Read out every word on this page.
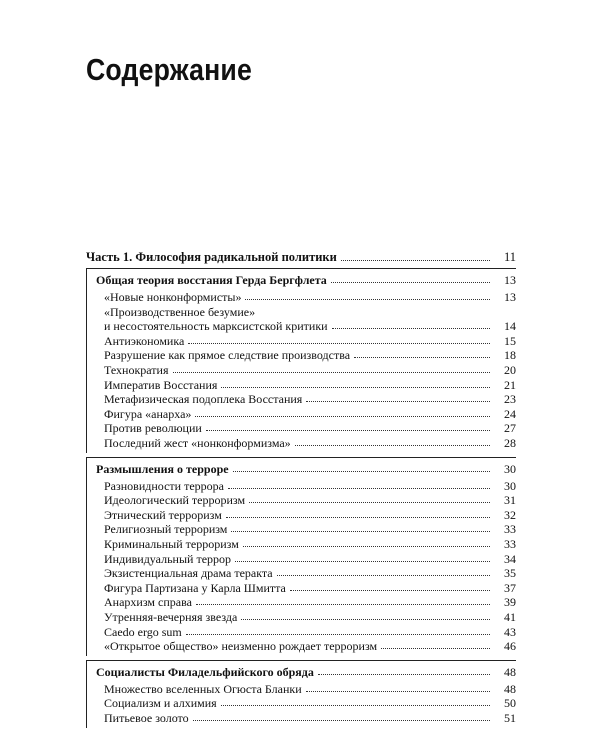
Содержание
Часть 1. Философия радикальной политики	11
Общая теория восстания Герда Бергфлета	13
«Новые нонконформисты»	13
«Производственное безумие»
и несостоятельность марксистской критики	14
Антиэкономика	15
Разрушение как прямое следствие производства	18
Технократия	20
Императив Восстания	21
Метафизическая подоплека Восстания	23
Фигура «анарха»	24
Против революции	27
Последний жест «нонконформизма»	28
Размышления о терроре	30
Разновидности террора	30
Идеологический терроризм	31
Этнический терроризм	32
Религиозный терроризм	33
Криминальный терроризм	33
Индивидуальный террор	34
Экзистенциальная драма теракта	35
Фигура Партизана у Карла Шмитта	37
Анархизм справа	39
Утренняя-вечерняя звезда	41
Caedo ergo sum	43
«Открытое общество» неизменно рождает терроризм	46
Социалисты Филадельфийского обряда	48
Множество вселенных Огюста Бланки	48
Социализм и алхимия	50
Питьевое золото	51
